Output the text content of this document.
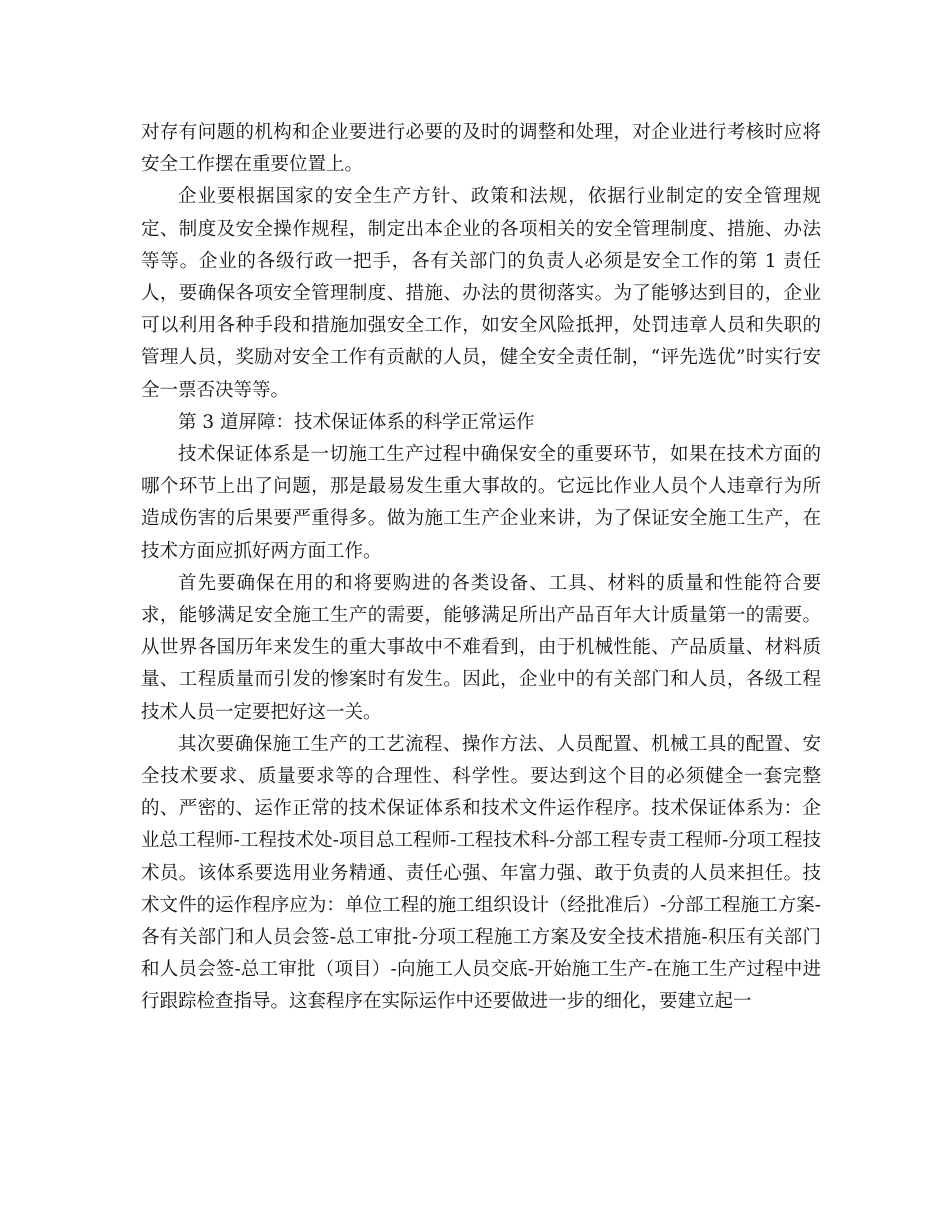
对存有问题的机构和企业要进行必要的及时的调整和处理，对企业进行考核时应将安全工作摆在重要位置上。

企业要根据国家的安全生产方针、政策和法规，依据行业制定的安全管理规定、制度及安全操作规程，制定出本企业的各项相关的安全管理制度、措施、办法等等。企业的各级行政一把手，各有关部门的负责人必须是安全工作的第 1 责任人，要确保各项安全管理制度、措施、办法的贯彻落实。为了能够达到目的，企业可以利用各种手段和措施加强安全工作，如安全风险抵押，处罚违章人员和失职的管理人员，奖励对安全工作有贡献的人员，健全安全责任制，“评先选优”时实行安全一票否决等等。

第 3 道屏障：技术保证体系的科学正常运作

技术保证体系是一切施工生产过程中确保安全的重要环节，如果在技术方面的哪个环节上出了问题，那是最易发生重大事故的。它远比作业人员个人违章行为所造成伤害的后果要严重得多。做为施工生产企业来讲，为了保证安全施工生产，在技术方面应抓好两方面工作。

首先要确保在用的和将要购进的各类设备、工具、材料的质量和性能符合要求，能够满足安全施工生产的需要，能够满足所出产品百年大计质量第一的需要。从世界各国历年来发生的重大事故中不难看到，由于机械性能、产品质量、材料质量、工程质量而引发的惨案时有发生。因此，企业中的有关部门和人员，各级工程技术人员一定要把好这一关。

其次要确保施工生产的工艺流程、操作方法、人员配置、机械工具的配置、安全技术要求、质量要求等的合理性、科学性。要达到这个目的必须健全一套完整的、严密的、运作正常的技术保证体系和技术文件运作程序。技术保证体系为：企业总工程师-工程技术处-项目总工程师-工程技术科-分部工程专责工程师-分项工程技术员。该体系要选用业务精通、责任心强、年富力强、敢于负责的人员来担任。技术文件的运作程序应为：单位工程的施工组织设计（经批准后）-分部工程施工方案-各有关部门和人员会签-总工审批-分项工程施工方案及安全技术措施-积压有关部门和人员会签-总工审批（项目）-向施工人员交底-开始施工生产-在施工生产过程中进行跟踪检查指导。这套程序在实际运作中还要做进一步的细化，要建立起一
